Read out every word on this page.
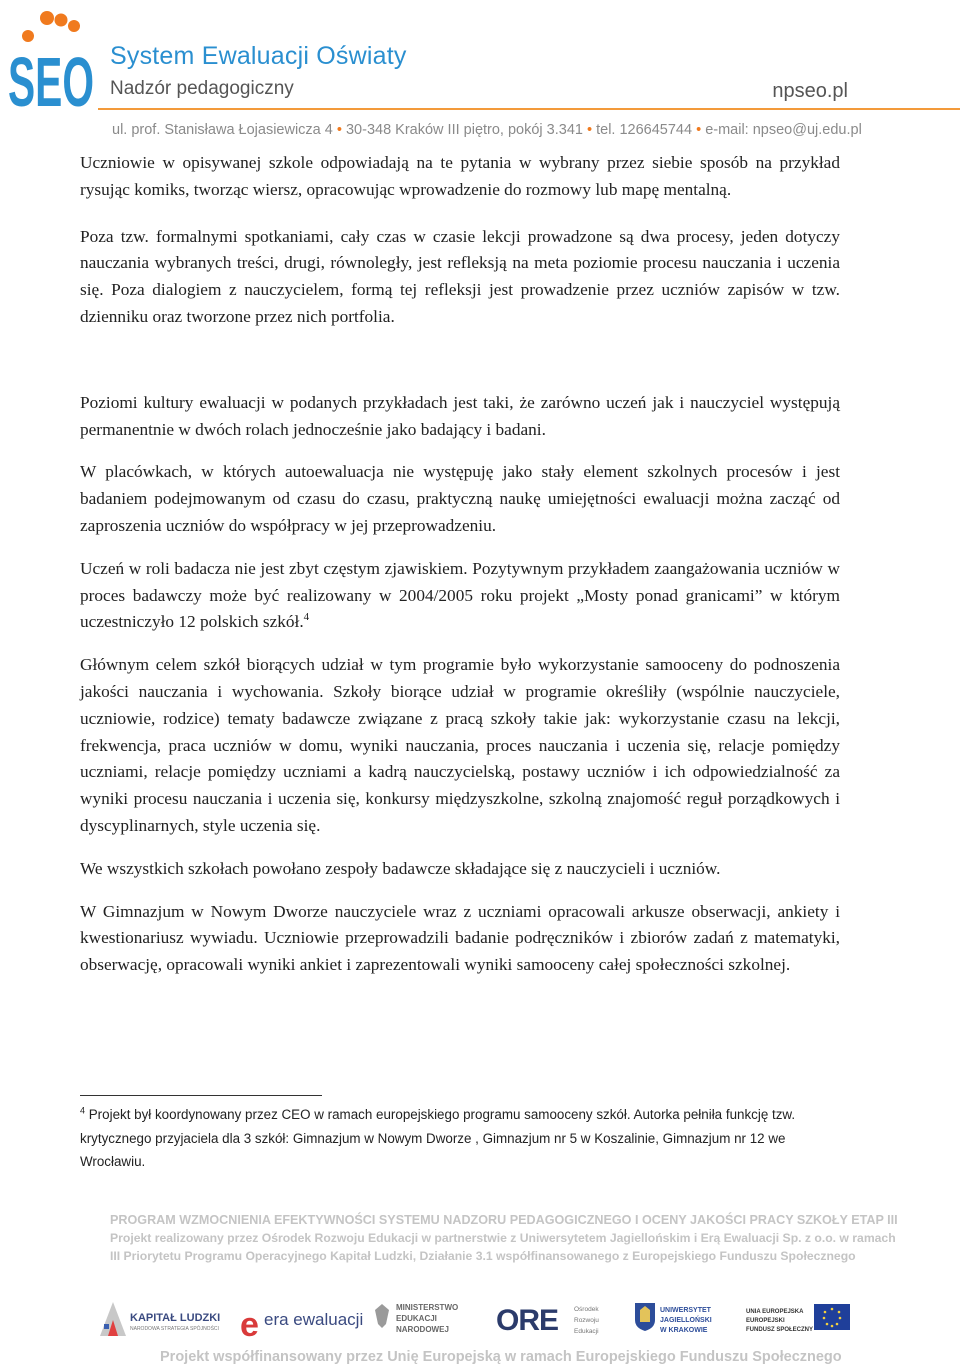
SEO System Ewaluacji Oświaty
Nadzór pedagogiczny	npseo.pl
ul. prof. Stanisława Łojasiewicza 4 • 30-348 Kraków III piętro, pokój 3.341 • tel. 126645744 • e-mail: npseo@uj.edu.pl

Uczniowie w opisywanej szkole odpowiadają na te pytania w wybrany przez siebie sposób na przykład rysując komiks, tworząc wiersz, opracowując wprowadzenie do rozmowy lub mapę mentalną.

Poza tzw. formalnymi spotkaniami, cały czas w czasie lekcji prowadzone są dwa procesy, jeden dotyczy nauczania wybranych treści, drugi, równoległy, jest refleksją na meta poziomie procesu nauczania i uczenia się. Poza dialogiem z nauczycielem, formą tej refleksji jest prowadzenie przez uczniów zapisów w tzw. dzienniku oraz tworzone przez nich portfolia.

Poziomi kultury ewaluacji w podanych przykładach jest taki, że zarówno uczeń jak i nauczyciel występują permanentnie w dwóch rolach jednocześnie jako badający i badani.

W placówkach, w których autoewaluacja nie występuję jako stały element szkolnych procesów i jest badaniem podejmowanym od czasu do czasu, praktyczną naukę umiejętności ewaluacji można zacząć od zaproszenia uczniów do współpracy w jej przeprowadzeniu.

Uczeń w roli badacza nie jest zbyt częstym zjawiskiem. Pozytywnym przykładem zaangażowania uczniów w proces badawczy może być realizowany w 2004/2005 roku projekt „Mosty ponad granicami” w którym uczestniczyło 12 polskich szkół.$^4$

Głównym celem szkół biorących udział w tym programie było wykorzystanie samooceny do podnoszenia jakości nauczania i wychowania. Szkoły biorące udział w programie określiły (wspólnie nauczyciele, uczniowie, rodzice) tematy badawcze związane z pracą szkoły takie jak: wykorzystanie czasu na lekcji, frekwencja, praca uczniów w domu, wyniki nauczania, proces nauczania i uczenia się, relacje pomiędzy uczniami, relacje pomiędzy uczniami a kadrą nauczycielską, postawy uczniów i ich odpowiedzialność za wyniki procesu nauczania i uczenia się, konkursy międzyszkolne, szkolną znajomość reguł porządkowych i dyscyplinarnych, style uczenia się.

We wszystkich szkołach powołano zespoły badawcze składające się z nauczycieli i uczniów.

W Gimnazjum w Nowym Dworze nauczyciele wraz z uczniami opracowali arkusze obserwacji, ankiety i kwestionariusz wywiadu. Uczniowie przeprowadzili badanie podręczników i zbiorów zadań z matematyki, obserwację, opracowali wyniki ankiet i zaprezentowali wyniki samooceny całej społeczności szkolnej.

$^4$ Projekt był koordynowany przez CEO w ramach europejskiego programu samooceny szkół. Autorka pełniła funkcję tzw. krytycznego przyjaciela dla 3 szkół: Gimnazjum w Nowym Dworze , Gimnazjum nr 5 w Koszalinie, Gimnazjum nr 12 we Wrocławiu.
PROGRAM WZMOCNIENIA EFEKTYWNOŚCI SYSTEMU NADZORU PEDAGOGICZNEGO I OCENY JAKOŚCI PRACY SZKOŁY ETAP III
Projekt realizowany przez Ośrodek Rozwoju Edukacji w partnerstwie z Uniwersytetem Jagiellońskim i Erą Ewaluacji Sp. z o.o. w ramach
III Priorytetu Programu Operacyjnego Kapitał Ludzki, Działanie 3.1 współfinansowanego z Europejskiego Funduszu Społecznego
KAPITAŁ LUDZKI
NARODOWA STRATEGIA SPÓJNOŚCI e era ewaluacji
MINISTERSTWO
EDUKACJI
NARODOWEJ	ORE Ośrodek
Rozwoju
Edukacji
UNIWERSYTET
JAGIELLOŃSKI
W KRAKOWIE
UNIA EUROPEJSKA
EUROPEJSKI
FUNDUSZ SPOŁECZNY
Projekt współfinansowany przez Unię Europejską w ramach Europejskiego Funduszu Społecznego
